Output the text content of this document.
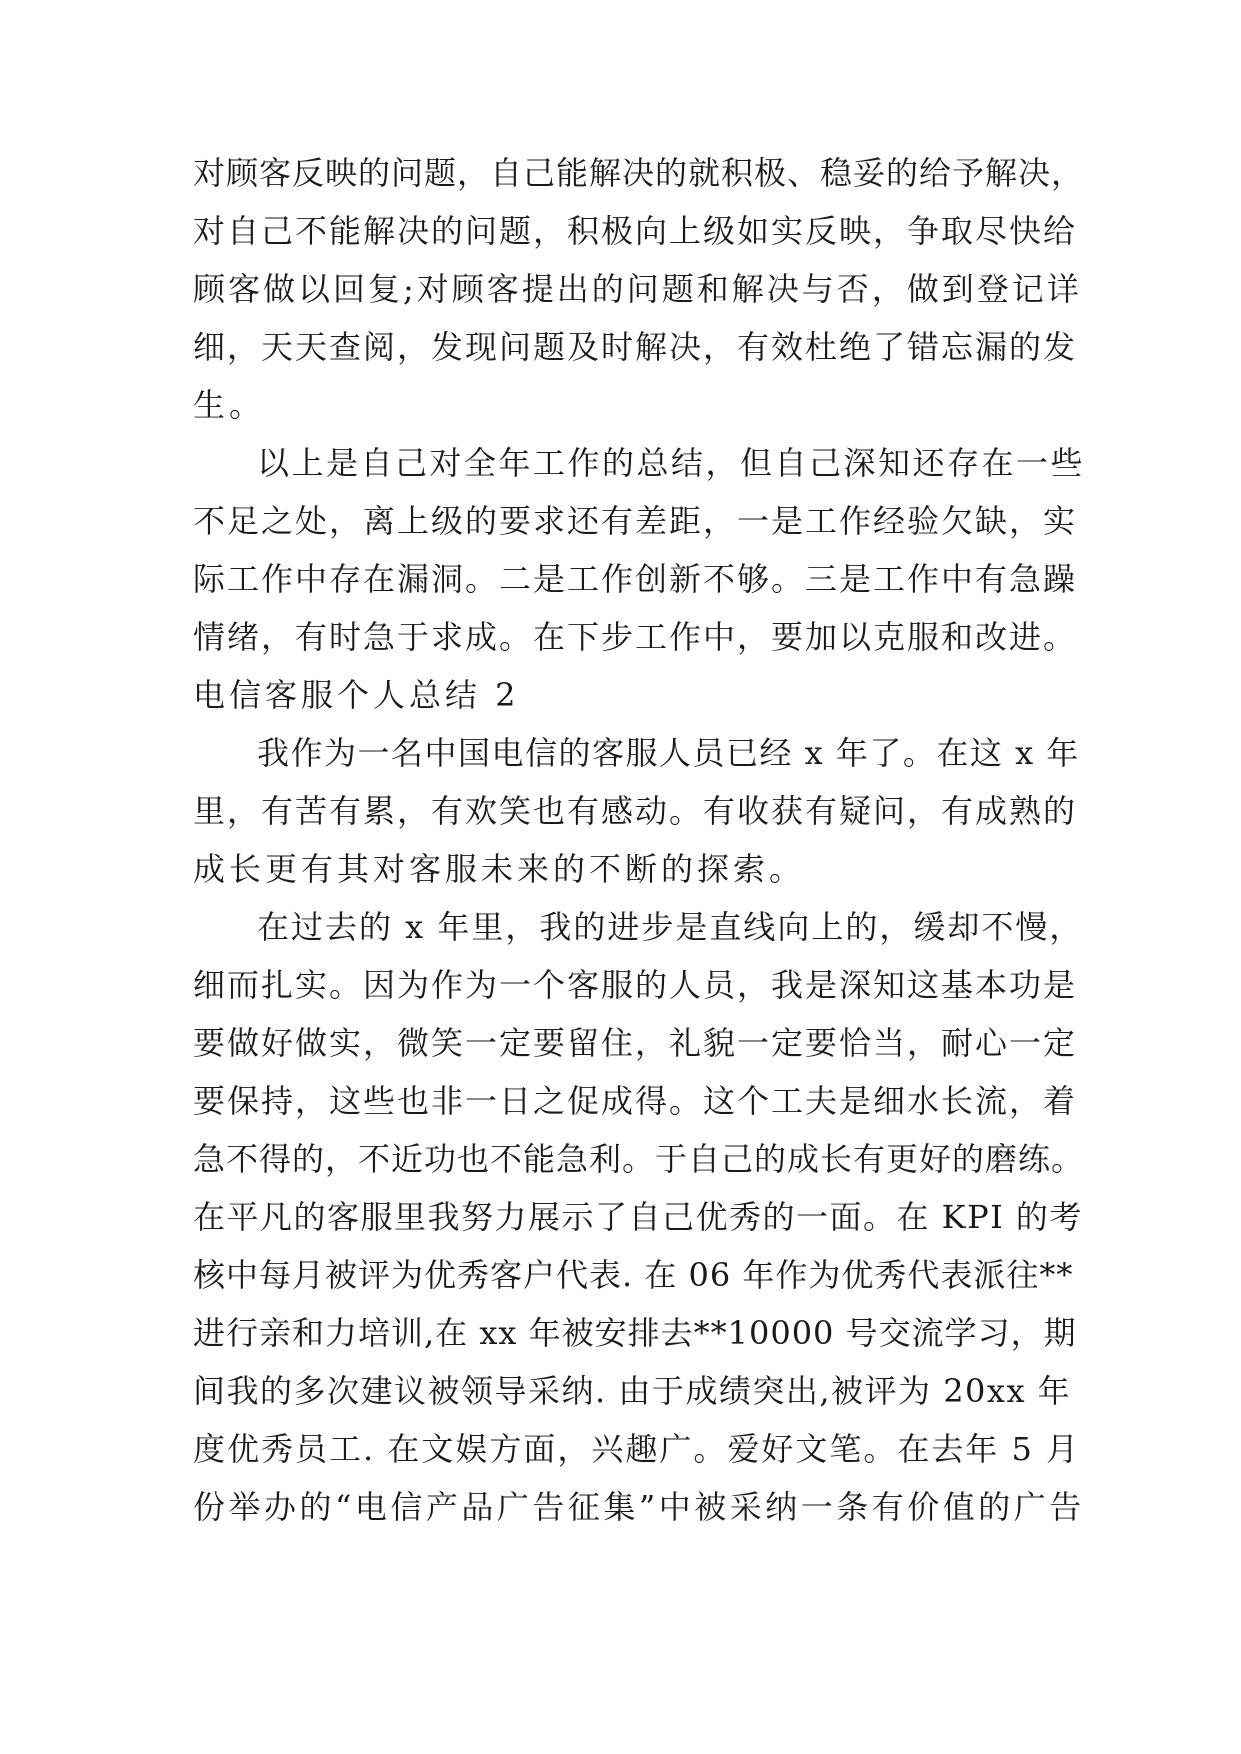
对顾客反映的问题，自己能解决的就积极、稳妥的给予解决，
对自己不能解决的问题，积极向上级如实反映，争取尽快给
顾客做以回复;对顾客提出的问题和解决与否，做到登记详
细，天天查阅，发现问题及时解决，有效杜绝了错忘漏的发
生。
以上是自己对全年工作的总结，但自己深知还存在一些
不足之处，离上级的要求还有差距，一是工作经验欠缺，实
际工作中存在漏洞。二是工作创新不够。三是工作中有急躁
情绪，有时急于求成。在下步工作中，要加以克服和改进。
电信客服个人总结 2
我作为一名中国电信的客服人员已经 x 年了。在这 x 年
里，有苦有累，有欢笑也有感动。有收获有疑问，有成熟的
成长更有其对客服未来的不断的探索。
在过去的 x 年里，我的进步是直线向上的，缓却不慢，
细而扎实。因为作为一个客服的人员，我是深知这基本功是
要做好做实，微笑一定要留住，礼貌一定要恰当，耐心一定
要保持，这些也非一日之促成得。这个工夫是细水长流，着
急不得的，不近功也不能急利。于自己的成长有更好的磨练。
在平凡的客服里我努力展示了自己优秀的一面。在 KPI 的考
核中每月被评为优秀客户代表. 在 06 年作为优秀代表派往**
进行亲和力培训,在 xx 年被安排去**10000 号交流学习，期
间我的多次建议被领导采纳. 由于成绩突出,被评为 20xx 年
度优秀员工. 在文娱方面，兴趣广。爱好文笔。在去年 5 月
份举办的“电信产品广告征集”中被采纳一条有价值的广告
